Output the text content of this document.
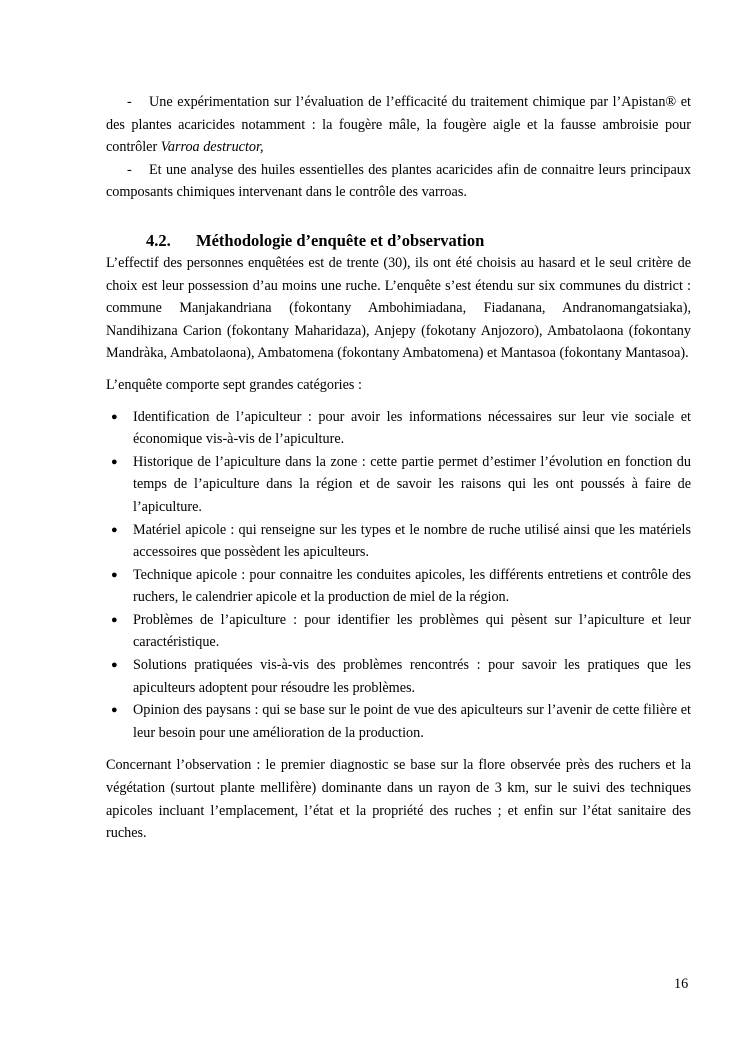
- Une expérimentation sur l’évaluation de l’efficacité du traitement chimique par l’Apistan® et des plantes acaricides notamment : la fougère mâle, la fougère aigle et la fausse ambroisie pour contrôler Varroa destructor,

- Et une analyse des huiles essentielles des plantes acaricides afin de connaitre leurs principaux composants chimiques intervenant dans le contrôle des varroas.

4.2. Méthodologie d’enquête et d’observation

L’effectif des personnes enquêtées est de trente (30), ils ont été choisis au hasard et le seul critère de choix est leur possession d’au moins une ruche. L’enquête s’est étendu sur six communes du district : commune Manjakandriana (fokontany Ambohimiadana, Fiadanana, Andranomangatsiaka), Nandihizana Carion (fokontany Maharidaza), Anjepy (fokotany Anjozoro), Ambatolaona (fokontany Mandràka, Ambatolaona), Ambatomena (fokontany Ambatomena) et Mantasoa (fokontany Mantasoa).

L’enquête comporte sept grandes catégories :

● Identification de l’apiculteur : pour avoir les informations nécessaires sur leur vie sociale et économique vis-à-vis de l’apiculture.
● Historique de l’apiculture dans la zone : cette partie permet d’estimer l’évolution en fonction du temps de l’apiculture dans la région et de savoir les raisons qui les ont poussés à faire de l’apiculture.
● Matériel apicole : qui renseigne sur les types et le nombre de ruche utilisé ainsi que les matériels accessoires que possèdent les apiculteurs.
● Technique apicole : pour connaitre les conduites apicoles, les différents entretiens et contrôle des ruchers, le calendrier apicole et la production de miel de la région.
● Problèmes de l’apiculture : pour identifier les problèmes qui pèsent sur l’apiculture et leur caractéristique.
● Solutions pratiquées vis-à-vis des problèmes rencontrés : pour savoir les pratiques que les apiculteurs adoptent pour résoudre les problèmes.
● Opinion des paysans : qui se base sur le point de vue des apiculteurs sur l’avenir de cette filière et leur besoin pour une amélioration de la production.

Concernant l’observation : le premier diagnostic se base sur la flore observée près des ruchers et la végétation (surtout plante mellifère) dominante dans un rayon de 3 km, sur le suivi des techniques apicoles incluant l’emplacement, l’état et la propriété des ruches ; et enfin sur l’état sanitaire des ruches.

16
